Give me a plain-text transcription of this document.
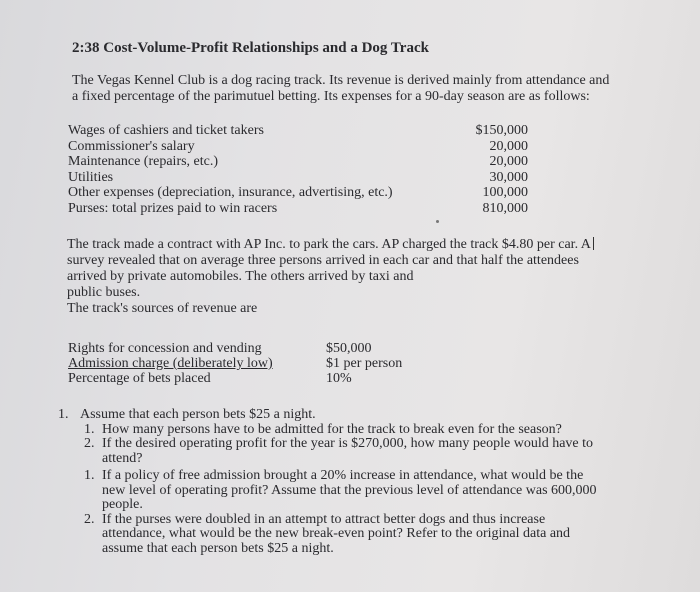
2:38 Cost-Volume-Profit Relationships and a Dog Track
The Vegas Kennel Club is a dog racing track. Its revenue is derived mainly from attendance and
a fixed percentage of the parimutuel betting. Its expenses for a 90-day season are as follows:
Wages of cashiers and ticket takers	$150,000
Commissioner's salary	20,000
Maintenance (repairs, etc.)	20,000
Utilities	30,000
Other expenses (depreciation, insurance, advertising, etc.)	100,000
Purses: total prizes paid to win racers	810,000
The track made a contract with AP Inc. to park the cars. AP charged the track $4.80 per car. A
survey revealed that on average three persons arrived in each car and that half the attendees
arrived by private automobiles. The others arrived by taxi and
public buses.
The track's sources of revenue are
Rights for concession and vending	$50,000
Admission charge (deliberately low)	$1 per person
Percentage of bets placed	10%
1. Assume that each person bets $25 a night.
1. How many persons have to be admitted for the track to break even for the season?
2. If the desired operating profit for the year is $270,000, how many people would have to
attend?
1. If a policy of free admission brought a 20% increase in attendance, what would be the
new level of operating profit? Assume that the previous level of attendance was 600,000
people.
2. If the purses were doubled in an attempt to attract better dogs and thus increase
attendance, what would be the new break-even point? Refer to the original data and
assume that each person bets $25 a night.
